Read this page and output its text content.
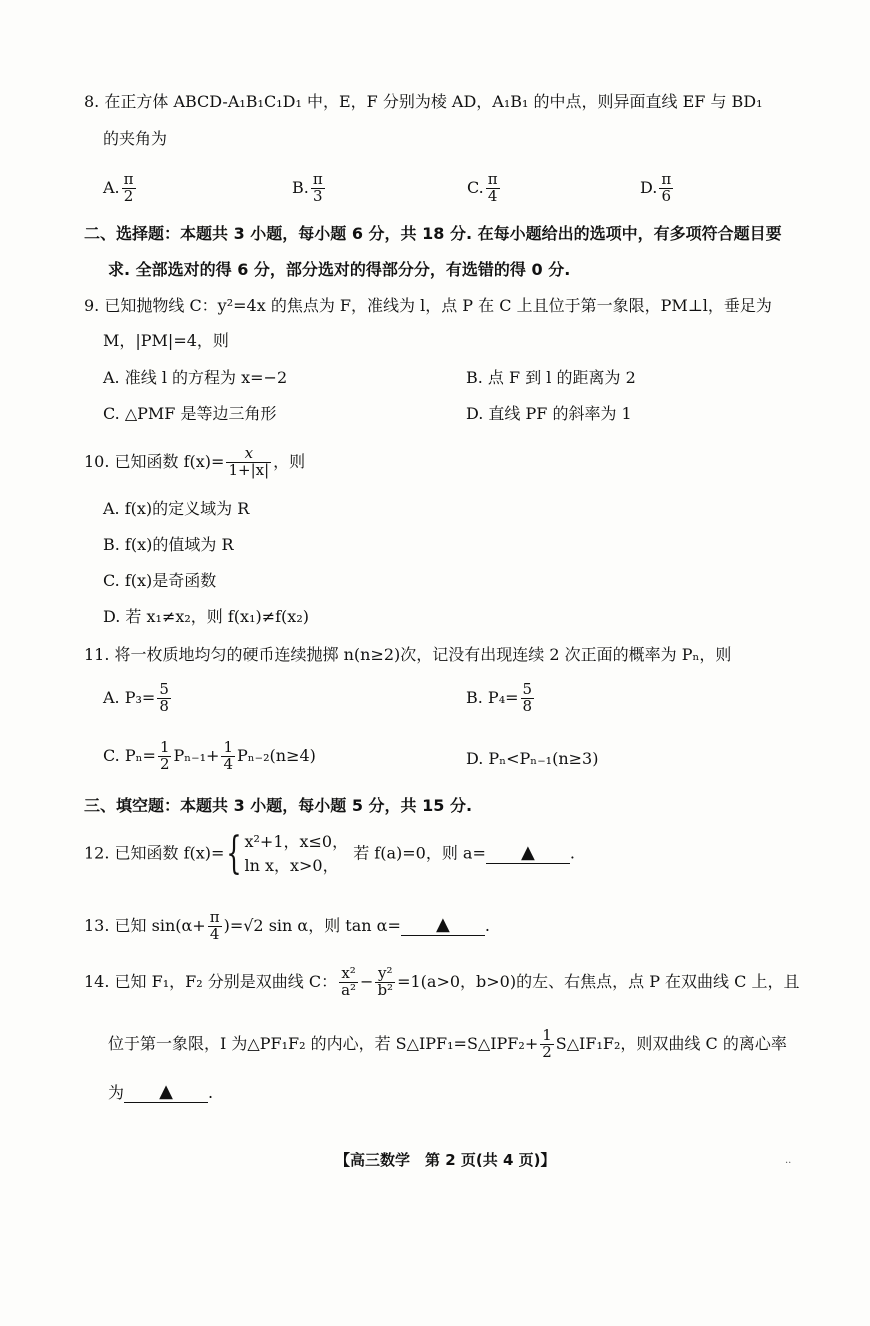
8. 在正方体 ABCD-A₁B₁C₁D₁ 中，E，F 分别为棱 AD，A₁B₁ 的中点，则异面直线 EF 与 BD₁
的夹角为
A. $\frac{\pi}{2}$	B. $\frac{\pi}{3}$	C. $\frac{\pi}{4}$	D. $\frac{\pi}{6}$
二、选择题：本题共 3 小题，每小题 6 分，共 18 分. 在每小题给出的选项中，有多项符合题目要
求. 全部选对的得 6 分，部分选对的得部分分，有选错的得 0 分.
9. 已知抛物线 C：y²=4x 的焦点为 F，准线为 l，点 P 在 C 上且位于第一象限，PM⊥l，垂足为
M，|PM|=4，则
A. 准线 l 的方程为 x=−2	B. 点 F 到 l 的距离为 2
C. △PMF 是等边三角形	D. 直线 PF 的斜率为 1
10. 已知函数 $f(x)= \frac{x}{1+|x|}$ ，则
A. f(x)的定义域为 R
B. f(x)的值域为 R
C. f(x)是奇函数
D. 若 x₁≠x₂，则 f(x₁)≠f(x₂)
11. 将一枚质地均匀的硬币连续抛掷 n(n≥2)次，记没有出现连续 2 次正面的概率为 Pₙ，则
A. $P_3= \frac{5}{8}$	B. $P_4= \frac{5}{8}$
C. $P_n= \frac{1}{2} P_{n-1}+ \frac{1}{4} P_{n-2}(n\ge 4)$	D. Pₙ<Pₙ₋₁(n≥3)
三、填空题：本题共 3 小题，每小题 5 分，共 15 分.
12. 已知函数 f(x)={ x²+1，x≤0，
ln x，x>0，
若 f(a)=0，则 a= ▲ .
13. 已知 $\sin(\alpha+ \frac{\pi}{4} )=√2$ sin α，则 tan α= ▲ .
14. 已知 F₁，F₂ 分别是双曲线 C： $\frac{\text{x²}}{\text{a²}} - \frac{\text{y²}}{\text{b²}} =1(a>0$，b>0)的左、右焦点，点 P 在双曲线 C 上，且
位于第一象限，I 为△PF₁F₂ 的内心，若 S△IPF₁=S△IPF₂+ $\frac{1}{2}$ S△IF₁F₂，则双曲线 C 的离心率
为 ▲ .
【高三数学　第 2 页(共 4 页)】	..
